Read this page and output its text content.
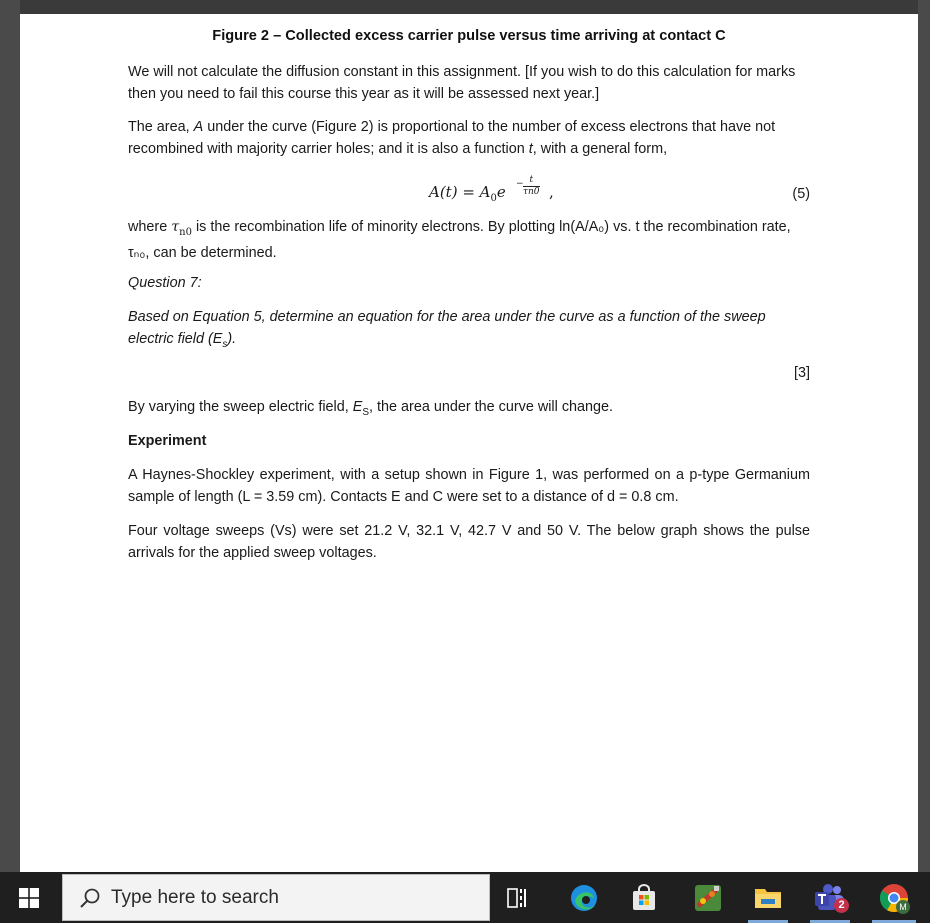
Figure 2 – Collected excess carrier pulse versus time arriving at contact C
We will not calculate the diffusion constant in this assignment. [If you wish to do this calculation for marks then you need to fail this course this year as it will be assessed next year.]
The area, A under the curve (Figure 2) is proportional to the number of excess electrons that have not recombined with majority carrier holes; and it is also a function t, with a general form,
$A(t) = A_0e - t$
τn0 ,	(5)
where $\tau_{n0}$ is the recombination life of minority electrons. By plotting ln(A/A₀) vs. t the recombination rate, τₙ₀, can be determined.
Question 7:
Based on Equation 5, determine an equation for the area under the curve as a function of the sweep electric field $(E_s)$.
[3]
By varying the sweep electric field, $E_S$, the area under the curve will change.
Experiment
A Haynes-Shockley experiment, with a setup shown in Figure 1, was performed on a p-type Germanium sample of length (L = 3.59 cm). Contacts E and C were set to a distance of d = 0.8 cm.
Four voltage sweeps (Vs) were set 21.2 V, 32.1 V, 42.7 V and 50 V. The below graph shows the pulse arrivals for the applied sweep voltages.
Type here to search
2	M
